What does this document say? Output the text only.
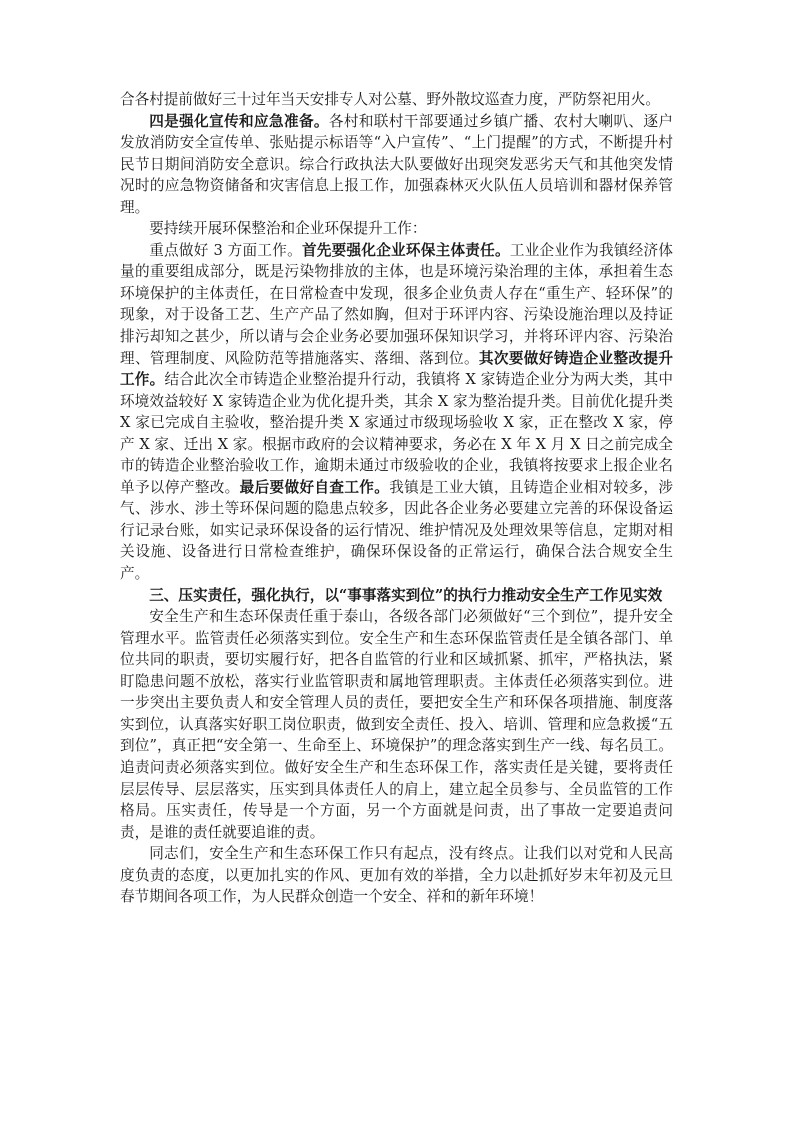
合各村提前做好三十过年当天安排专人对公墓、野外散坟巡查力度，严防祭祀用火。

四是强化宣传和应急准备。各村和联村干部要通过乡镇广播、农村大喇叭、逐户发放消防安全宣传单、张贴提示标语等“入户宣传”、“上门提醒”的方式，不断提升村民节日期间消防安全意识。综合行政执法大队要做好出现突发恶劣天气和其他突发情况时的应急物资储备和灾害信息上报工作，加强森林灭火队伍人员培训和器材保养管理。

要持续开展环保整治和企业环保提升工作：

重点做好 3 方面工作。首先要强化企业环保主体责任。工业企业作为我镇经济体量的重要组成部分，既是污染物排放的主体，也是环境污染治理的主体，承担着生态环境保护的主体责任，在日常检查中发现，很多企业负责人存在“重生产、轻环保”的现象，对于设备工艺、生产产品了然如胸，但对于环评内容、污染设施治理以及持证排污却知之甚少，所以请与会企业务必要加强环保知识学习，并将环评内容、污染治理、管理制度、风险防范等措施落实、落细、落到位。其次要做好铸造企业整改提升工作。结合此次全市铸造企业整治提升行动，我镇将 X 家铸造企业分为两大类，其中环境效益较好 X 家铸造企业为优化提升类，其余 X 家为整治提升类。目前优化提升类 X 家已完成自主验收，整治提升类 X 家通过市级现场验收 X 家，正在整改 X 家，停产 X 家、迁出 X 家。根据市政府的会议精神要求，务必在 X 年 X 月 X 日之前完成全市的铸造企业整治验收工作，逾期未通过市级验收的企业，我镇将按要求上报企业名单予以停产整改。最后要做好自查工作。我镇是工业大镇，且铸造企业相对较多，涉气、涉水、涉土等环保问题的隐患点较多，因此各企业务必要建立完善的环保设备运行记录台账，如实记录环保设备的运行情况、维护情况及处理效果等信息，定期对相关设施、设备进行日常检查维护，确保环保设备的正常运行，确保合法合规安全生产。

三、压实责任，强化执行，以“事事落实到位”的执行力推动安全生产工作见实效

安全生产和生态环保责任重于泰山，各级各部门必须做好“三个到位”，提升安全管理水平。监管责任必须落实到位。安全生产和生态环保监管责任是全镇各部门、单位共同的职责，要切实履行好，把各自监管的行业和区域抓紧、抓牢，严格执法，紧盯隐患问题不放松，落实行业监管职责和属地管理职责。主体责任必须落实到位。进一步突出主要负责人和安全管理人员的责任，要把安全生产和环保各项措施、制度落实到位，认真落实好职工岗位职责，做到安全责任、投入、培训、管理和应急救援“五到位”，真正把“安全第一、生命至上、环境保护”的理念落实到生产一线、每名员工。追责问责必须落实到位。做好安全生产和生态环保工作，落实责任是关键，要将责任层层传导、层层落实，压实到具体责任人的肩上，建立起全员参与、全员监管的工作格局。压实责任，传导是一个方面，另一个方面就是问责，出了事故一定要追责问责，是谁的责任就要追谁的责。

同志们，安全生产和生态环保工作只有起点，没有终点。让我们以对党和人民高度负责的态度，以更加扎实的作风、更加有效的举措，全力以赴抓好岁末年初及元旦春节期间各项工作，为人民群众创造一个安全、祥和的新年环境！
